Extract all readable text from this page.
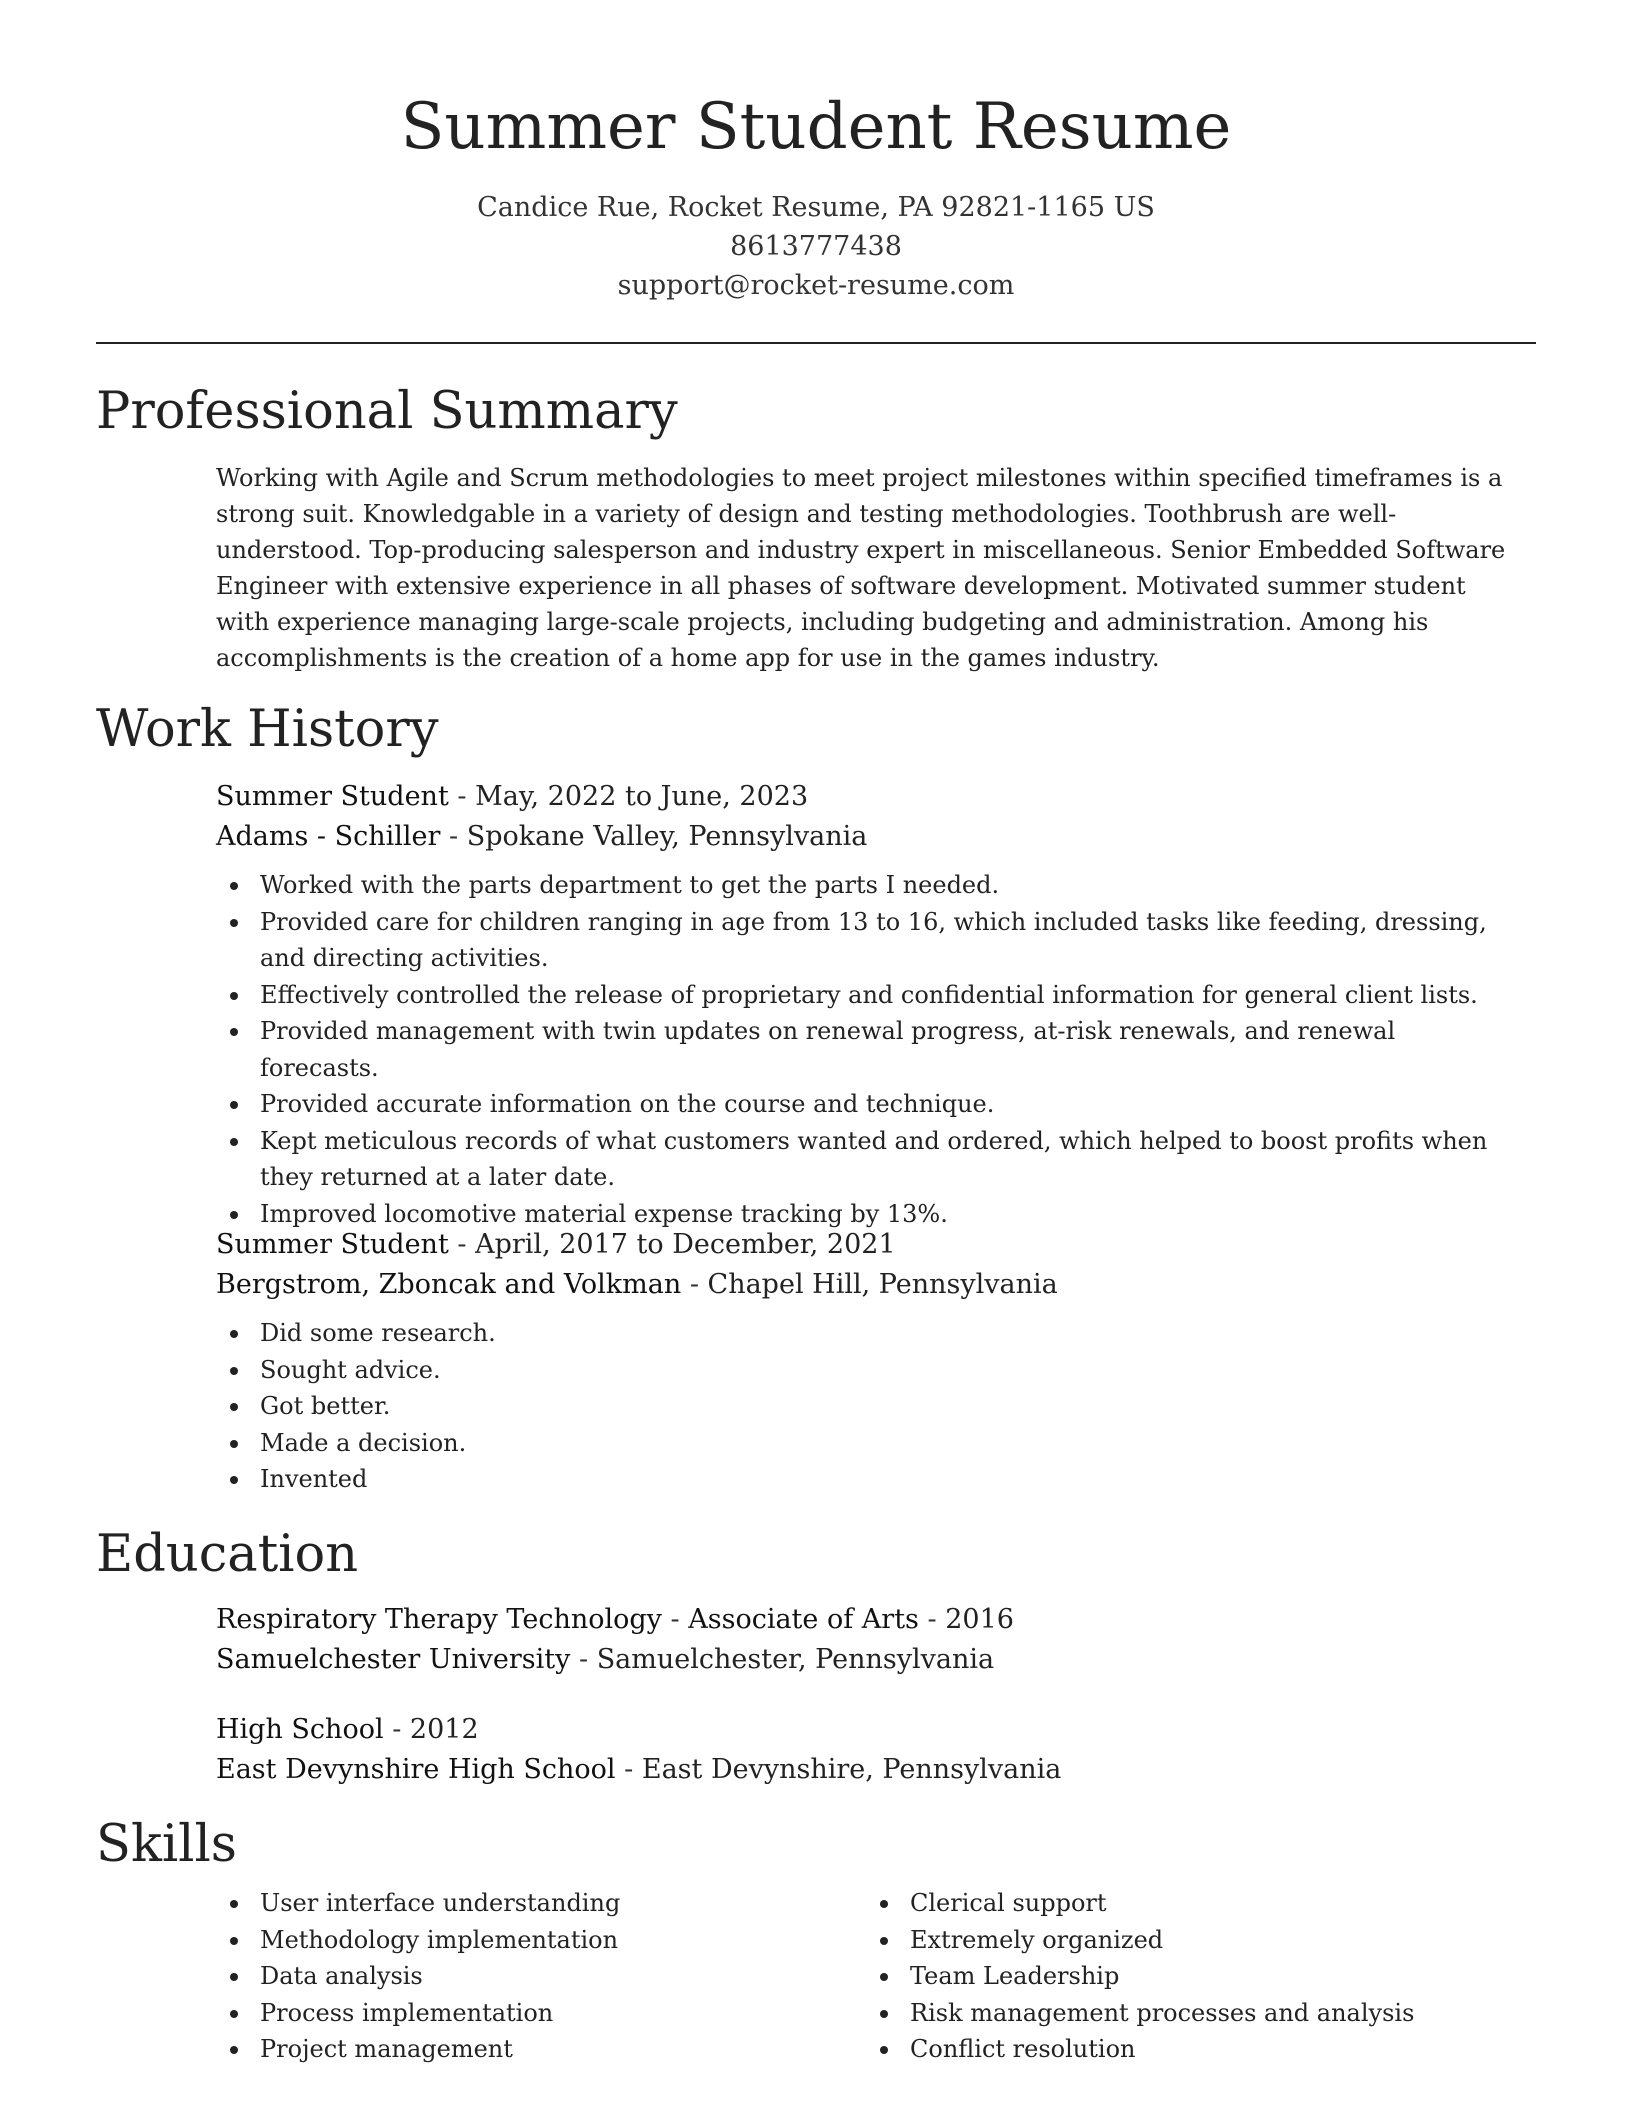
Summer Student Resume
Candice Rue, Rocket Resume, PA 92821-1165 US
8613777438
support@rocket-resume.com
Professional Summary

Working with Agile and Scrum methodologies to meet project milestones within specified timeframes is a strong suit. Knowledgable in a variety of design and testing methodologies. Toothbrush are well-understood. Top-producing salesperson and industry expert in miscellaneous. Senior Embedded Software Engineer with extensive experience in all phases of software development. Motivated summer student with experience managing large-scale projects, including budgeting and administration. Among his accomplishments is the creation of a home app for use in the games industry.

Work History

Summer Student - May, 2022 to June, 2023

Adams - Schiller - Spokane Valley, Pennsylvania

Worked with the parts department to get the parts I needed.
Provided care for children ranging in age from 13 to 16, which included tasks like feeding, dressing, and directing activities.
Effectively controlled the release of proprietary and confidential information for general client lists.
Provided management with twin updates on renewal progress, at-risk renewals, and renewal forecasts.
Provided accurate information on the course and technique.
Kept meticulous records of what customers wanted and ordered, which helped to boost profits when they returned at a later date.
Improved locomotive material expense tracking by 13%.

Summer Student - April, 2017 to December, 2021

Bergstrom, Zboncak and Volkman - Chapel Hill, Pennsylvania

Did some research.
Sought advice.
Got better.
Made a decision.
Invented
Education

Respiratory Therapy Technology - Associate of Arts - 2016

Samuelchester University - Samuelchester, Pennsylvania

High School - 2012

East Devynshire High School - East Devynshire, Pennsylvania

Skills
User interface understanding
Methodology implementation
Data analysis
Process implementation
Project management
Clerical support
Extremely organized
Team Leadership
Risk management processes and analysis
Conflict resolution
